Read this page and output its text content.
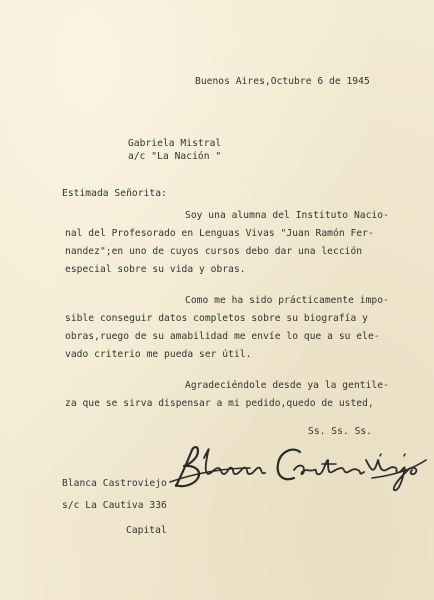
Buenos Aires,Octubre 6 de 1945
Gabriela Mistral
a/c "La Nación "
Estimada Señorita:
Soy una alumna del Instituto Nacio-
nal del Profesorado en Lenguas Vivas "Juan Ramón Fer-
nandez";en uno de cuyos cursos debo dar una lección
especial sobre su vida y obras.
Como me ha sido prácticamente impo-
sible conseguir datos completos sobre su biografía y
obras,ruego de su amabilidad me envíe lo que a su ele-
vado criterio me pueda ser útil.
Agradeciéndole desde ya la gentile-
za que se sirva dispensar a mi pedido,quedo de usted,
Ss. Ss. Ss.
Blanca Castroviejo
s/c La Cautiva 336
Capital
